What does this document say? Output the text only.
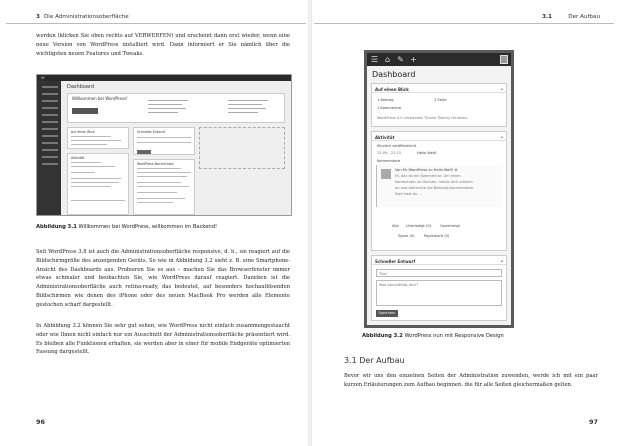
3 Die Administrationsoberfläche

werden (klicken Sie oben rechts auf VERWERFEN) und erscheint dann erst wieder, wenn eine neue Version von WordPress installiert wird. Dann informiert er Sie nämlich über die wichtigsten neuen Features und Tweaks.

W
Dashboard
Willkommen bei WordPress!
Auf einen Blick
Aktivität
Schneller Entwurf
WordPress-Nachrichten
Abbildung 3.1 Willkommen bei WordPress, willkommen im Backend!

Seit WordPress 3.8 ist auch die Administrationsoberfläche responsive, d. h., sie reagiert auf die Bildschirmgröße des anzeigenden Geräts. So wie in Abbildung 3.2 sieht z. B. eine Smartphone-Ansicht des Dashboards aus. Probieren Sie es aus – machen Sie das Browserfenster immer etwas schmaler und beobachten Sie, wie WordPress darauf reagiert. Daneben ist die Administrationsoberfläche auch retina-ready, das bedeutet, auf besonders hochauflösenden Bildschirmen wie denen des iPhone oder des neuen MacBook Pro werden alle Elemente gestochen scharf dargestellt.

In Abbildung 3.2 können Sie sehr gut sehen, wie WordPress nicht einfach zusammengestaucht oder wie Ihnen nicht einfach nur ein Ausschnitt der Administrationsoberfläche präsentiert wird. Es bleiben alle Funktionen erhalten, sie werden aber in einer für mobile Endgeräte optimierten Fassung dargestellt.

96
3.1	Der Aufbau
☰ ⌂ ✎ +
Dashboard
Auf einen Blick	▴
1 Beitrag	1 Seite
1 Kommentar
WordPress 4.0 verwendet Theme Twenty Fourteen.
Aktivität	▴
Kürzlich veröffentlicht
23.09., 22:15	Hallo Welt!
Kommentare
Von Mr WordPress zu Hallo Welt! #
Hi, das ist ein Kommentar. Um einen
Kommentar zu löschen, melde dich einfach
an und betrachte die Beitrags-Kommentare.
Dort hast du ...
Alle Unerledigt (0) Genehmigt
Spam (0)	Papierkorb (0)
Schneller Entwurf	▴
Titel
Was beschäftigt dich?
Speichern
Abbildung 3.2 WordPress nun mit Responsive Design
3.1 Der Aufbau

Bevor wir uns den einzelnen Seiten der Administration zuwenden, werde ich mit ein paar kurzen Erläuterungen zum Aufbau beginnen, die für alle Seiten gleichermaßen gelten.

97
